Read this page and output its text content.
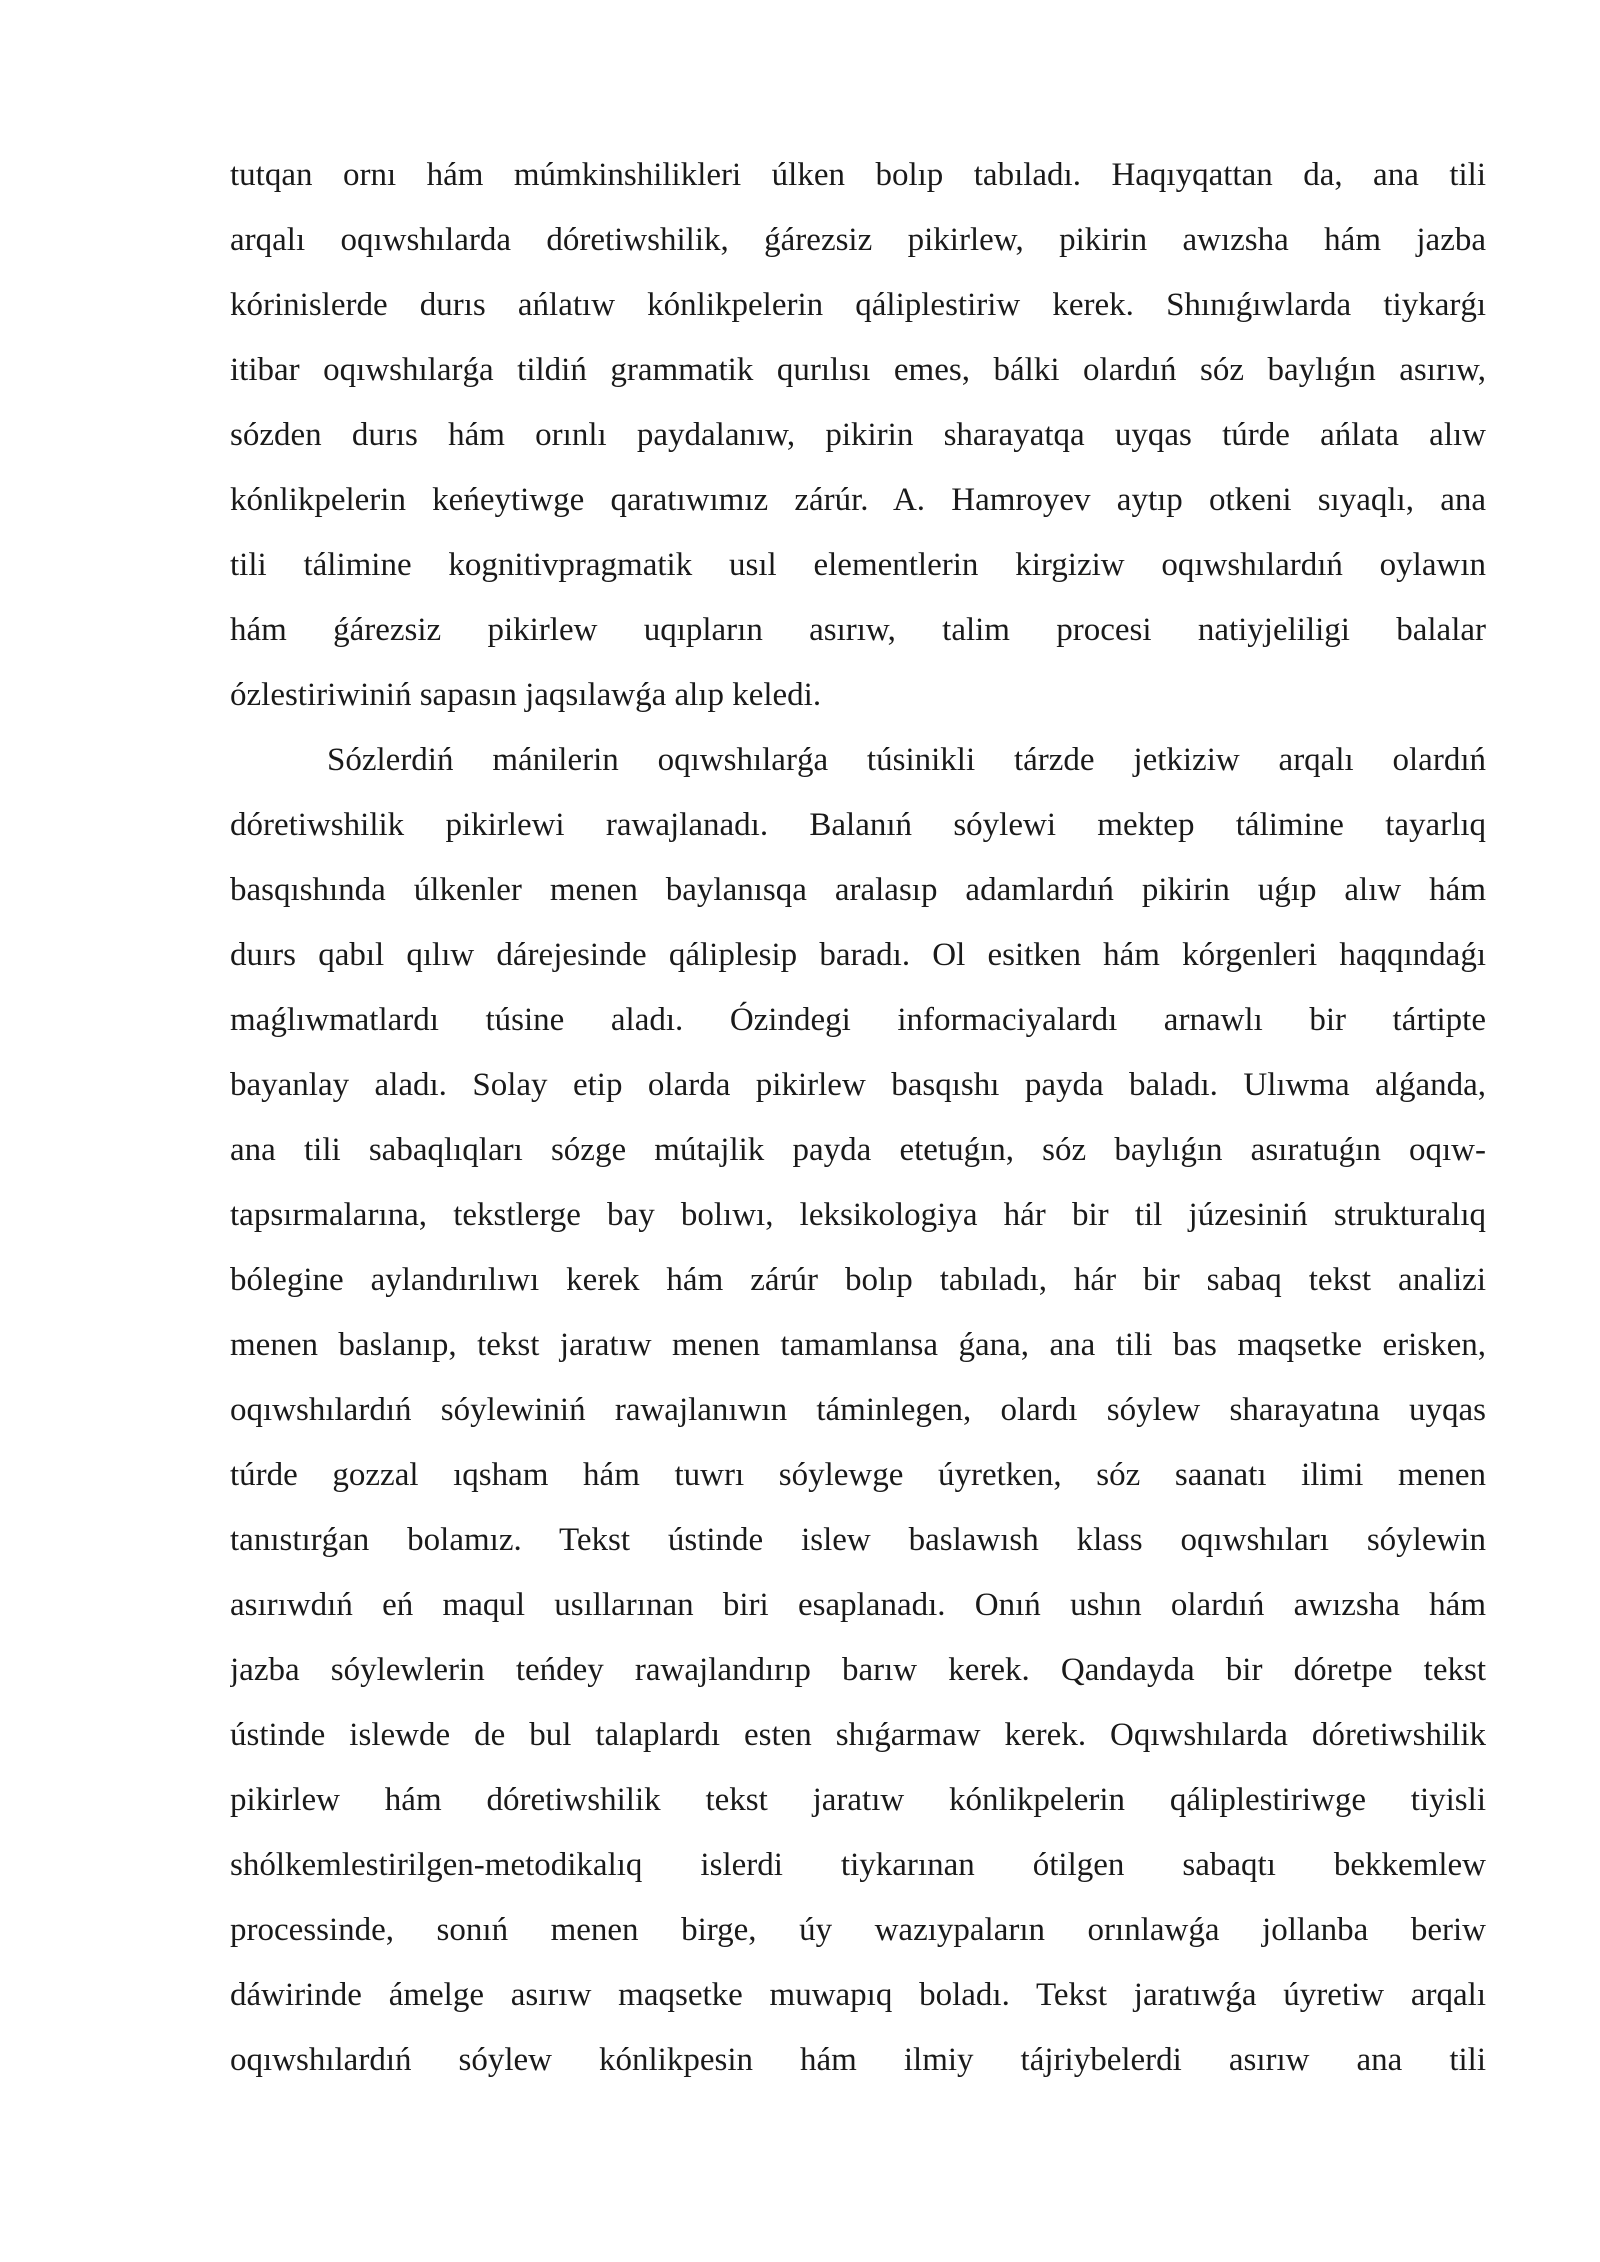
tutqan ornı hám múmkinshilikleri úlken bolıp tabıladı. Haqıyqattan da, ana tili
arqalı oqıwshılarda dóretiwshilik, ǵárezsiz pikirlew, pikirin awızsha hám jazba
kórinislerde durıs ańlatıw kónlikpelerin qáliplestiriw kerek. Shınıǵıwlarda tiykarǵı
itibar oqıwshılarǵa tildiń grammatik qurılısı emes, bálki olardıń sóz baylıǵın asırıw,
sózden durıs hám orınlı paydalanıw, pikirin sharayatqa uyqas túrde ańlata alıw
kónlikpelerin keńeytiwge qaratıwımız zárúr. A. Hamroyev aytıp otkeni sıyaqlı, ana
tili tálimine kognitivpragmatik usıl elementlerin kirgiziw oqıwshılardıń oylawın
hám ǵárezsiz pikirlew uqıpların asırıw, talim procesi natiyjeliligi balalar
ózlestiriwiniń sapasın jaqsılawǵa alıp keledi.
Sózlerdiń mánilerin oqıwshılarǵa túsinikli tárzde jetkiziw arqalı olardıń
dóretiwshilik pikirlewi rawajlanadı. Balanıń sóylewi mektep tálimine tayarlıq
basqıshında úlkenler menen baylanısqa aralasıp adamlardıń pikirin uǵıp alıw hám
duırs qabıl qılıw dárejesinde qáliplesip baradı. Ol esitken hám kórgenleri haqqındaǵı
maǵlıwmatlardı túsine aladı. Ózindegi informaciyalardı arnawlı bir tártipte
bayanlay aladı. Solay etip olarda pikirlew basqıshı payda baladı. Ulıwma alǵanda,
ana tili sabaqlıqları sózge mútajlik payda etetuǵın, sóz baylıǵın asıratuǵın oqıw-
tapsırmalarına, tekstlerge bay bolıwı, leksikologiya hár bir til júzesiniń strukturalıq
bólegine aylandırılıwı kerek hám zárúr bolıp tabıladı, hár bir sabaq tekst analizi
menen baslanıp, tekst jaratıw menen tamamlansa ǵana, ana tili bas maqsetke erisken,
oqıwshılardıń sóylewiniń rawajlanıwın táminlegen, olardı sóylew sharayatına uyqas
túrde gozzal ıqsham hám tuwrı sóylewge úyretken, sóz saanatı ilimi menen
tanıstırǵan bolamız. Tekst ústinde islew baslawısh klass oqıwshıları sóylewin
asırıwdıń eń maqul usıllarınan biri esaplanadı. Onıń ushın olardıń awızsha hám
jazba sóylewlerin teńdey rawajlandırıp barıw kerek. Qandayda bir dóretpe tekst
ústinde islewde de bul talaplardı esten shıǵarmaw kerek. Oqıwshılarda dóretiwshilik
pikirlew hám dóretiwshilik tekst jaratıw kónlikpelerin qáliplestiriwge tiyisli
shólkemlestirilgen-metodikalıq islerdi tiykarınan ótilgen sabaqtı bekkemlew
processinde, sonıń menen birge, úy wazıypaların orınlawǵa jollanba beriw
dáwirinde ámelge asırıw maqsetke muwapıq boladı. Tekst jaratıwǵa úyretiw arqalı
oqıwshılardıń sóylew kónlikpesin hám ilmiy tájriybelerdi asırıw ana tili
